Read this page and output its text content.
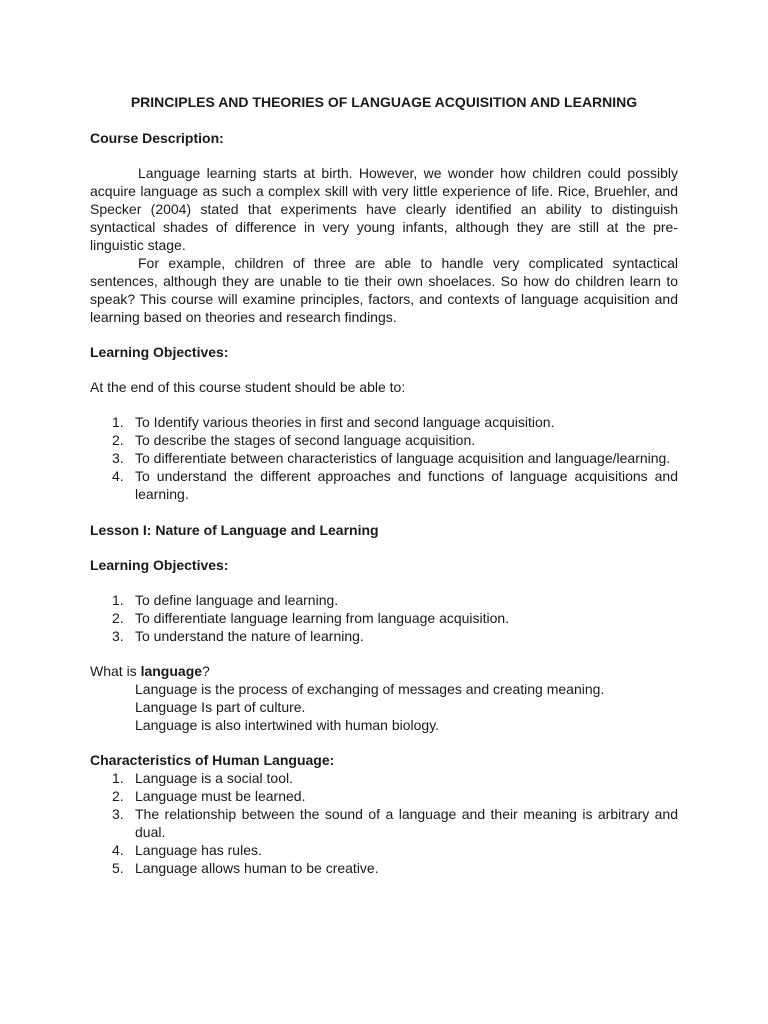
PRINCIPLES AND THEORIES OF LANGUAGE ACQUISITION AND LEARNING

Course Description:

Language learning starts at birth. However, we wonder how children could possibly acquire language as such a complex skill with very little experience of life. Rice, Bruehler, and Specker (2004) stated that experiments have clearly identified an ability to distinguish syntactical shades of difference in very young infants, although they are still at the pre- linguistic stage.

For example, children of three are able to handle very complicated syntactical sentences, although they are unable to tie their own shoelaces. So how do children learn to speak? This course will examine principles, factors, and contexts of language acquisition and learning based on theories and research findings.

Learning Objectives:

At the end of this course student should be able to:

1. To Identify various theories in first and second language acquisition.
2. To describe the stages of second language acquisition.
3. To differentiate between characteristics of language acquisition and language/learning.
4. To understand the different approaches and functions of language acquisitions and learning.

Lesson I: Nature of Language and Learning

Learning Objectives:

1. To define language and learning.
2. To differentiate language learning from language acquisition.
3. To understand the nature of learning.

What is language?

Language is the process of exchanging of messages and creating meaning.

Language Is part of culture.

Language is also intertwined with human biology.

Characteristics of Human Language:

1. Language is a social tool.
2. Language must be learned.
3. The relationship between the sound of a language and their meaning is arbitrary and dual.
4. Language has rules.
5. Language allows human to be creative.
